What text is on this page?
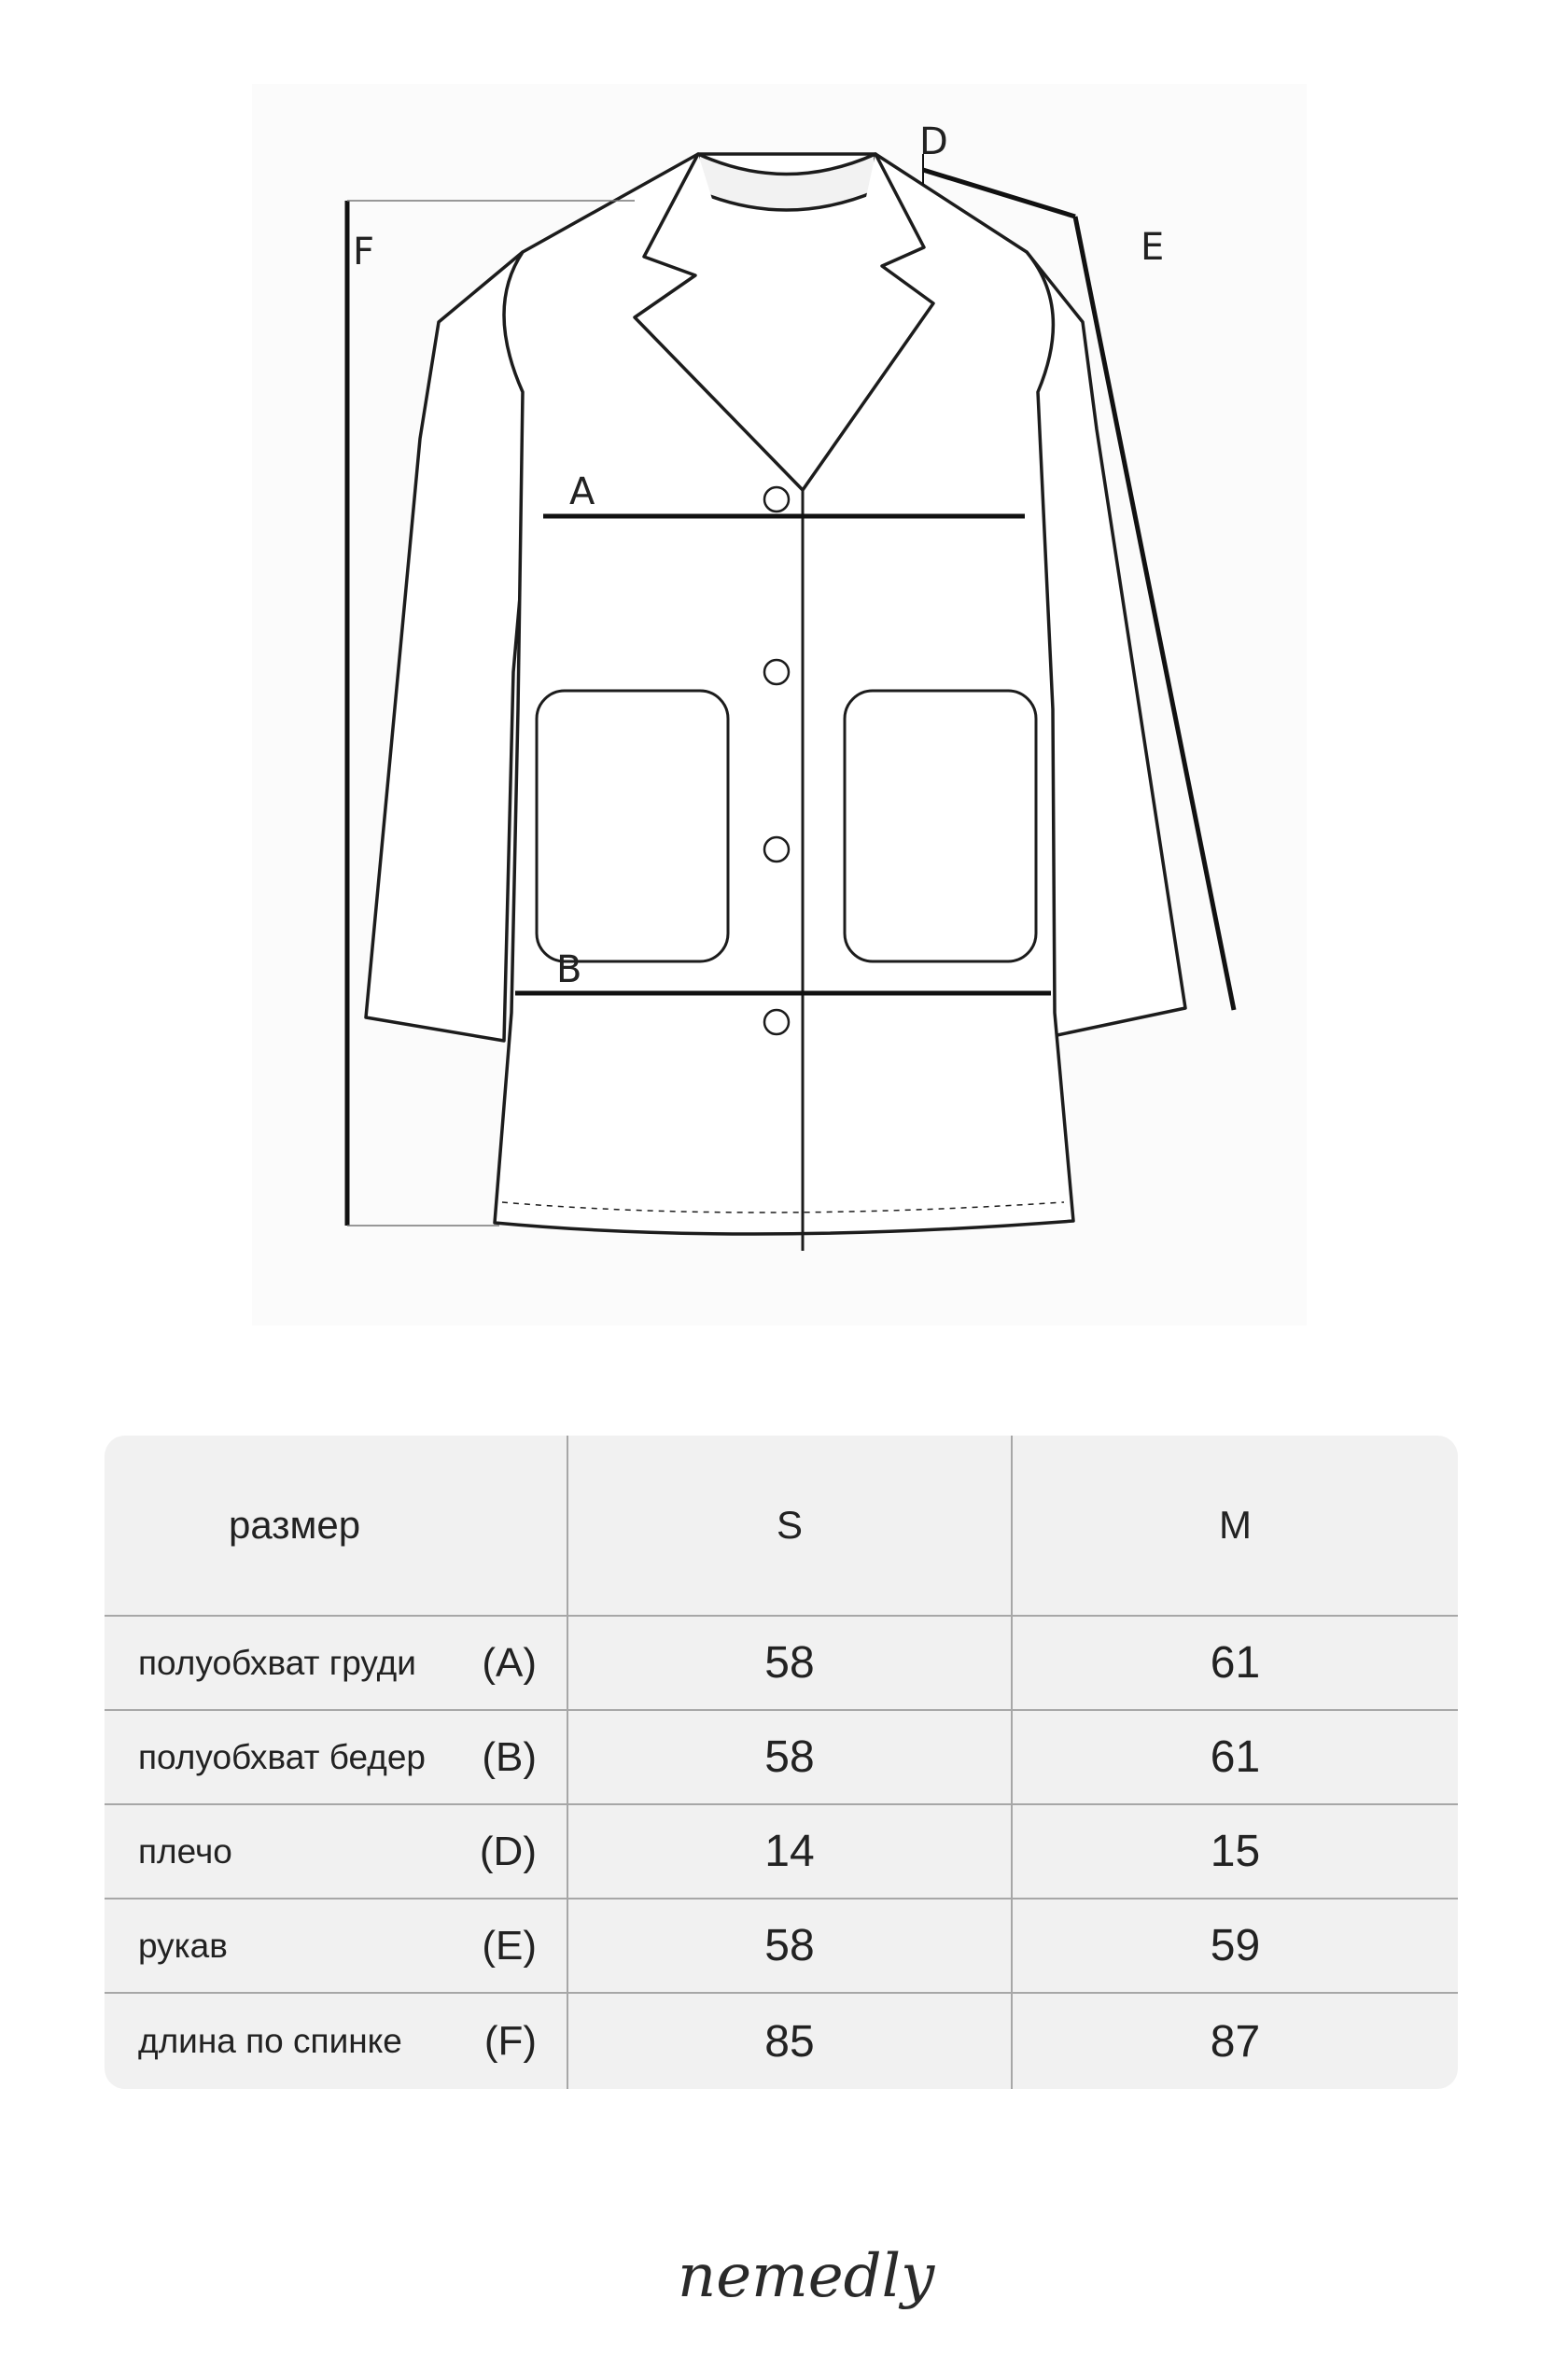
A
B
D
E
F
размер	S	M
полуобхват груди (A)	58	61
полуобхват бедер (B)	58	61
плечо	(D)	14	15
рукав	(E)	58	59
длина по спинке (F)	85	87
nemedly
